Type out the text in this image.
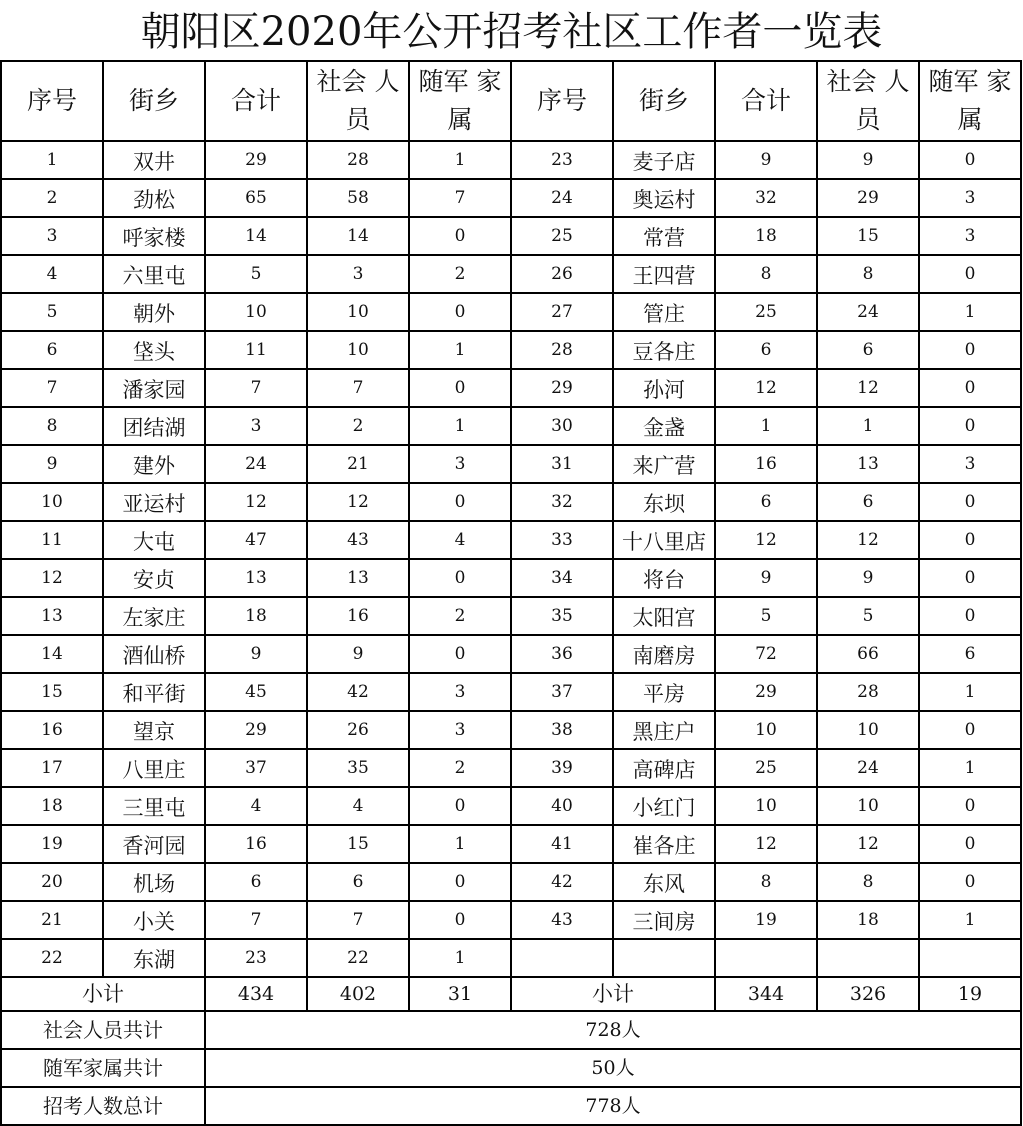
朝阳区2020年公开招考社区工作者一览表
序号	街乡	合计	社会 人员	随军 家属	序号	街乡	合计	社会 人员	随军 家属
1	双井	29	28	1	23	麦子店	9	9	0
2	劲松	65	58	7	24	奥运村	32	29	3
3	呼家楼	14	14	0	25	常营	18	15	3
4	六里屯	5	3	2	26	王四营	8	8	0
5	朝外	10	10	0	27	管庄	25	24	1
6	垡头	11	10	1	28	豆各庄	6	6	0
7	潘家园	7	7	0	29	孙河	12	12	0
8	团结湖	3	2	1	30	金盏	1	1	0
9	建外	24	21	3	31	来广营	16	13	3
10	亚运村	12	12	0	32	东坝	6	6	0
11	大屯	47	43	4	33	十八里店	12	12	0
12	安贞	13	13	0	34	将台	9	9	0
13	左家庄	18	16	2	35	太阳宫	5	5	0
14	酒仙桥	9	9	0	36	南磨房	72	66	6
15	和平街	45	42	3	37	平房	29	28	1
16	望京	29	26	3	38	黑庄户	10	10	0
17	八里庄	37	35	2	39	高碑店	25	24	1
18	三里屯	4	4	0	40	小红门	10	10	0
19	香河园	16	15	1	41	崔各庄	12	12	0
20	机场	6	6	0	42	东风	8	8	0
21	小关	7	7	0	43	三间房	19	18	1
22	东湖	23	22	1					
小计		434	402	31	小计		344	326	19
社会人员共计		728人							
随军家属共计		50人							
招考人数总计		778人							
